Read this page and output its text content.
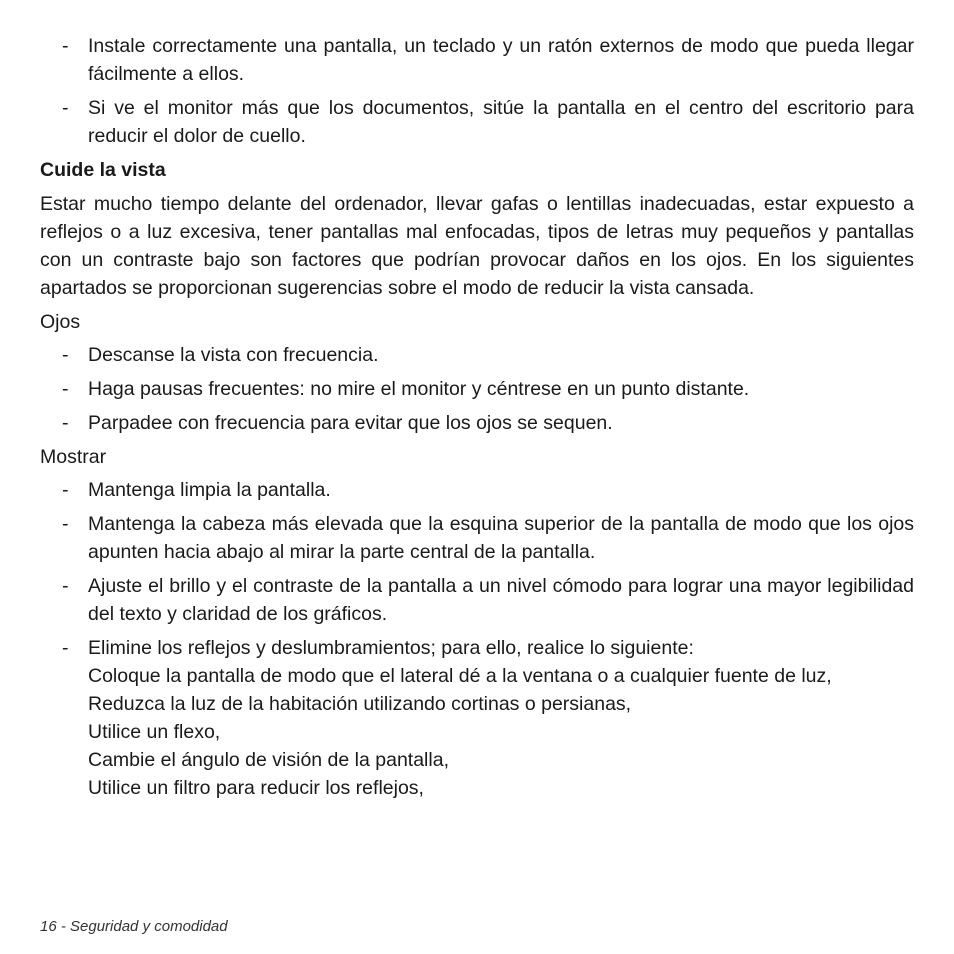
- Instale correctamente una pantalla, un teclado y un ratón externos de modo que pueda llegar fácilmente a ellos.

- Si ve el monitor más que los documentos, sitúe la pantalla en el centro del escritorio para reducir el dolor de cuello.

Cuide la vista

Estar mucho tiempo delante del ordenador, llevar gafas o lentillas inadecuadas, estar expuesto a reflejos o a luz excesiva, tener pantallas mal enfocadas, tipos de letras muy pequeños y pantallas con un contraste bajo son factores que podrían provocar daños en los ojos. En los siguientes apartados se proporcionan sugerencias sobre el modo de reducir la vista cansada.

Ojos

- Descanse la vista con frecuencia.

- Haga pausas frecuentes: no mire el monitor y céntrese en un punto distante.

- Parpadee con frecuencia para evitar que los ojos se sequen.

Mostrar

- Mantenga limpia la pantalla.

- Mantenga la cabeza más elevada que la esquina superior de la pantalla de modo que los ojos apunten hacia abajo al mirar la parte central de la pantalla.

- Ajuste el brillo y el contraste de la pantalla a un nivel cómodo para lograr una mayor legibilidad del texto y claridad de los gráficos.

- Elimine los reflejos y deslumbramientos; para ello, realice lo siguiente:

Coloque la pantalla de modo que el lateral dé a la ventana o a cualquier fuente de luz,

Reduzca la luz de la habitación utilizando cortinas o persianas,

Utilice un flexo,

Cambie el ángulo de visión de la pantalla,

Utilice un filtro para reducir los reflejos,

16 - Seguridad y comodidad
